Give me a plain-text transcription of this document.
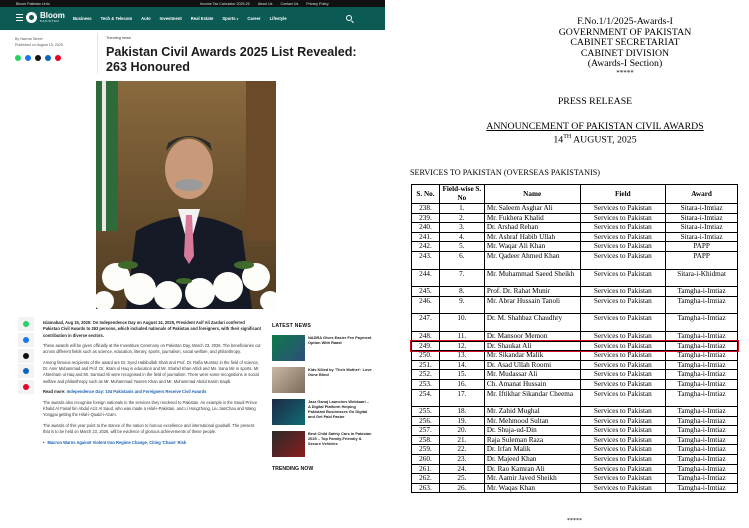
Bloom Pakistan Urdu	Income Tax Calculator 2025-26 About Us Contact Us Privacy Policy
Bloom
PAKISTAN	Business Tech & Telecom Auto Investment Real Estate Sports ▾ Career Lifestyle
By Nazma Tareef
Published on August 15, 2025
Trending news
Pakistan Civil Awards 2025 List Revealed: 263 Honoured

Islamabad, Aug 15, 2025: On Independence Day on August 14, 2025, President Asif Ali Zardari conferred Pakistan Civil Awards to 263 persons, which included nationals of Pakistan and foreigners, with their significant contribution in diverse sectors.

These awards will be given officially at the Investiture Ceremony on Pakistan Day, March 23, 2026. The beneficiaries cut across different fields such as science, education, literary, sports, journalism, social welfare, and philanthropy.

Among famous recipients of the award are Dr. Syed Habibullah Shah and Prof. Dr. Rafia Mumtaz in the field of science, Dr. Amir Muhammad and Prof. Dr. Ikram ul Haq in education and Mr. Shahid Khan Afridi and Ms. Sana Mir in sports. Mr. Ahtesham ul Haq and Mr. Sarmad Ali were recognised in the field of journalism. There were some recognitions in social welfare and philanthropy such as Mr. Muhammad Yaseen Khan and Mr. Muhammad Abdul Karim Saqib.

Read more: Independence Day: 104 Pakistanis and Foreigners Receive Civil Awards

The awards also recognise foreign nationals in the services they rendered to Pakistan. An example is the Saudi Prince Khalid Al Faisal bin Abdul Aziz Al Saud, who was made a Hilal-i-Pakistan, and Li Hongzhong, Liu JianChao and Wang Yonggai getting the Hilal-i-Quaid-i-Azam.

The awards of this year point to the stance of the nation to honour excellence and international goodwill. The present that is to be held on March 23, 2026, will be evidence of glorious achievements of these people.

• Macron Warns Against Violent Iran Regime Change, Citing 'Chaos' Risk

LATEST NEWS
NADRA Gives Easier Fee Payment Option With Raast
Kids Killed by 'Their Mother': Love Gone Blind
Jazz Ganaj Launches Webkaari – A Digital Platform Helping Pakistani Businesses Go Digital and Get Paid Faster
Best Child Safety Cars in Pakistan 2025 – Top Family-Friendly & Secure Vehicles
TRENDING NOW
F.No.1/1/2025-Awards-I
GOVERNMENT OF PAKISTAN
CABINET SECRETARIAT
CABINET DIVISION
(Awards-I Section)
*****
PRESS RELEASE
ANNOUNCEMENT OF PAKISTAN CIVIL AWARDS
14TH AUGUST, 2025
SERVICES TO PAKISTAN (OVERSEAS PAKISTANIS)
S. No.	Field-wise S. No	Name	Field	Award
238.	1.	Mr. Saleem Asghar Ali	Services to Pakistan	Sitara-i-Imtiaz
239.	2.	Mr. Fukhera Khalid	Services to Pakistan	Sitara-i-Imtiaz
240.	3.	Dr. Arshad Rehan	Services to Pakistan	Sitara-i-Imtiaz
241.	4.	Mr. Ashraf Habib Ullah	Services to Pakistan	Sitara-i-Imtiaz
242.	5.	Mr. Waqar Ali Khan	Services to Pakistan	PAPP
243.	6.	Mr. Qadeer Ahmed Khan	Services to Pakistan	PAPP
244.	7.	Mr. Muhammad Saeed Sheikh	Services to Pakistan	Sitara-i-Khidmat
245.	8.	Prof. Dr. Rahat Munir	Services to Pakistan	Tamgha-i-Imtiaz
246.	9.	Mr. Abrar Hussain Tanoli	Services to Pakistan	Tamgha-i-Imtiaz
247.	10.	Dr. M. Shahbaz Chaudhry	Services to Pakistan	Tamgha-i-Imtiaz
248.	11.	Dr. Mansoor Memon	Services to Pakistan	Tamgha-i-Imtiaz
249.	12.	Dr. Shaukat Ali	Services to Pakistan	Tamgha-i-Imtiaz
250.	13.	Mr. Sikandar Malik	Services to Pakistan	Tamgha-i-Imtiaz
251.	14.	Dr. Asad Ullah Roomi	Services to Pakistan	Tamgha-i-Imtiaz
252.	15.	Mr. Mudassar Ali	Services to Pakistan	Tamgha-i-Imtiaz
253.	16.	Ch. Amanat Hussain	Services to Pakistan	Tamgha-i-Imtiaz
254.	17.	Mr. Iftikhar Sikandar Cheema	Services to Pakistan	Tamgha-i-Imtiaz
255.	18.	Mr. Zahid Mughal	Services to Pakistan	Tamgha-i-Imtiaz
256.	19.	Mr. Mehmood Sultan	Services to Pakistan	Tamgha-i-Imtiaz
257.	20.	Dr. Shuja-ud-Din	Services to Pakistan	Tamgha-i-Imtiaz
258.	21.	Raja Suleman Raza	Services to Pakistan	Tamgha-i-Imtiaz
259.	22.	Dr. Irfan Malik	Services to Pakistan	Tamgha-i-Imtiaz
260.	23.	Dr. Majeed Khan	Services to Pakistan	Tamgha-i-Imtiaz
261.	24.	Dr. Rao Kamran Ali	Services to Pakistan	Tamgha-i-Imtiaz
262.	25.	Mr. Aamir Javed Sheikh	Services to Pakistan	Tamgha-i-Imtiaz
263.	26.	Mr. Waqas Khan	Services to Pakistan	Tamgha-i-Imtiaz
*****
